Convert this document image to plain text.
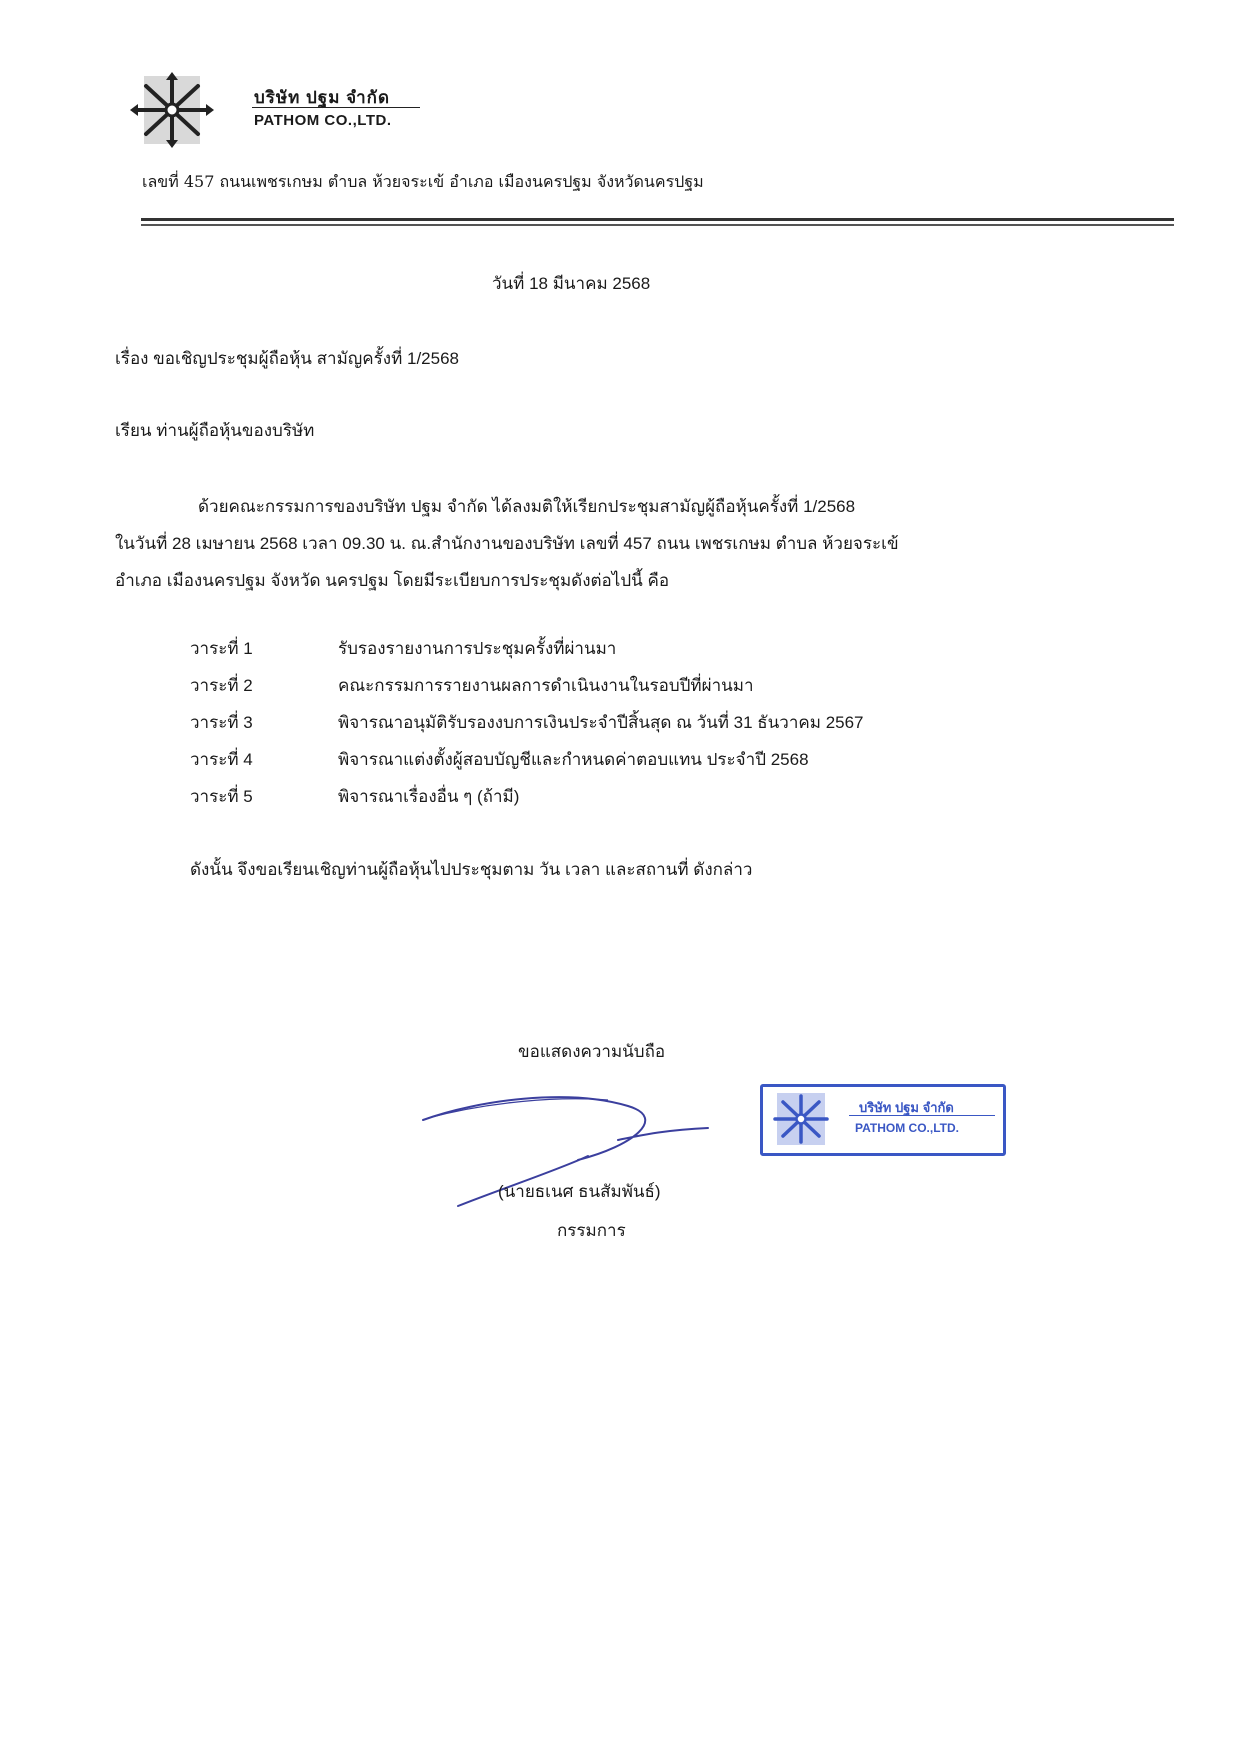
บริษัท ปฐม จำกัด
PATHOM CO.,LTD.
เลขที่ 457 ถนนเพชรเกษม ตำบล ห้วยจระเข้ อำเภอ เมืองนครปฐม จังหวัดนครปฐม
วันที่ 18 มีนาคม 2568
เรื่อง ขอเชิญประชุมผู้ถือหุ้น สามัญครั้งที่ 1/2568
เรียน ท่านผู้ถือหุ้นของบริษัท
ด้วยคณะกรรมการของบริษัท ปฐม จำกัด ได้ลงมติให้เรียกประชุมสามัญผู้ถือหุ้นครั้งที่ 1/2568
ในวันที่ 28 เมษายน 2568 เวลา 09.30 น. ณ.สำนักงานของบริษัท เลขที่ 457 ถนน เพชรเกษม ตำบล ห้วยจระเข้
อำเภอ เมืองนครปฐม จังหวัด นครปฐม โดยมีระเบียบการประชุมดังต่อไปนี้ คือ
วาระที่ 1	รับรองรายงานการประชุมครั้งที่ผ่านมา
วาระที่ 2	คณะกรรมการรายงานผลการดำเนินงานในรอบปีที่ผ่านมา
วาระที่ 3	พิจารณาอนุมัติรับรองงบการเงินประจำปีสิ้นสุด ณ วันที่ 31 ธันวาคม 2567
วาระที่ 4	พิจารณาแต่งตั้งผู้สอบบัญชีและกำหนดค่าตอบแทน ประจำปี 2568
วาระที่ 5	พิจารณาเรื่องอื่น ๆ (ถ้ามี)
ดังนั้น จึงขอเรียนเชิญท่านผู้ถือหุ้นไปประชุมตาม วัน เวลา และสถานที่ ดังกล่าว
ขอแสดงความนับถือ
(นายธเนศ ธนสัมพันธ์)
กรรมการ
บริษัท ปฐม จำกัด
PATHOM CO.,LTD.
